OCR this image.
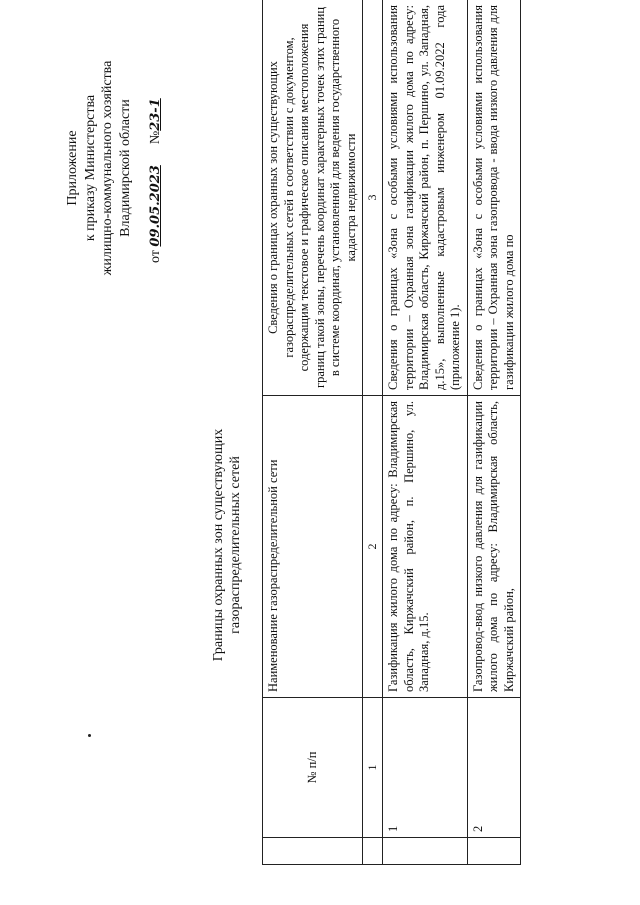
Приложение к приказу Министерства жилищно-коммунального хозяйства Владимирской области
от 09.05.2023      №23-1
Границы охранных зон существующих газораспределительных сетей
	№ п/п	Наименование газораспределительной сети	Сведения о границах охранных зон существующих газораспределительных сетей в соответствии с документом, содержащим текстовое и графическое описания местоположения границ такой зоны, перечень координат характерных точек этих границ в системе координат, установленной для ведения государственного кадастра недвижимости
	1	2	3
	1	Газификация жилого дома по адресу: Владимирская область, Киржачский район, п. Першино, ул. Западная, д.15.	Сведения о границах «Зона с особыми условиями использования территории – Охранная зона газификации жилого дома по адресу: Владимирская область, Киржачский район, п. Першино, ул. Западная, д.15», выполненные кадастровым инженером 01.09.2022 года (приложение 1).
	2	Газопровод-ввод низкого давления для газификации жилого дома по адресу: Владимирская область, Киржачский район,	Сведения о границах «Зона с особыми условиями использования территории – Охранная зона газопровода - ввода низкого давления для газификации жилого дома по
